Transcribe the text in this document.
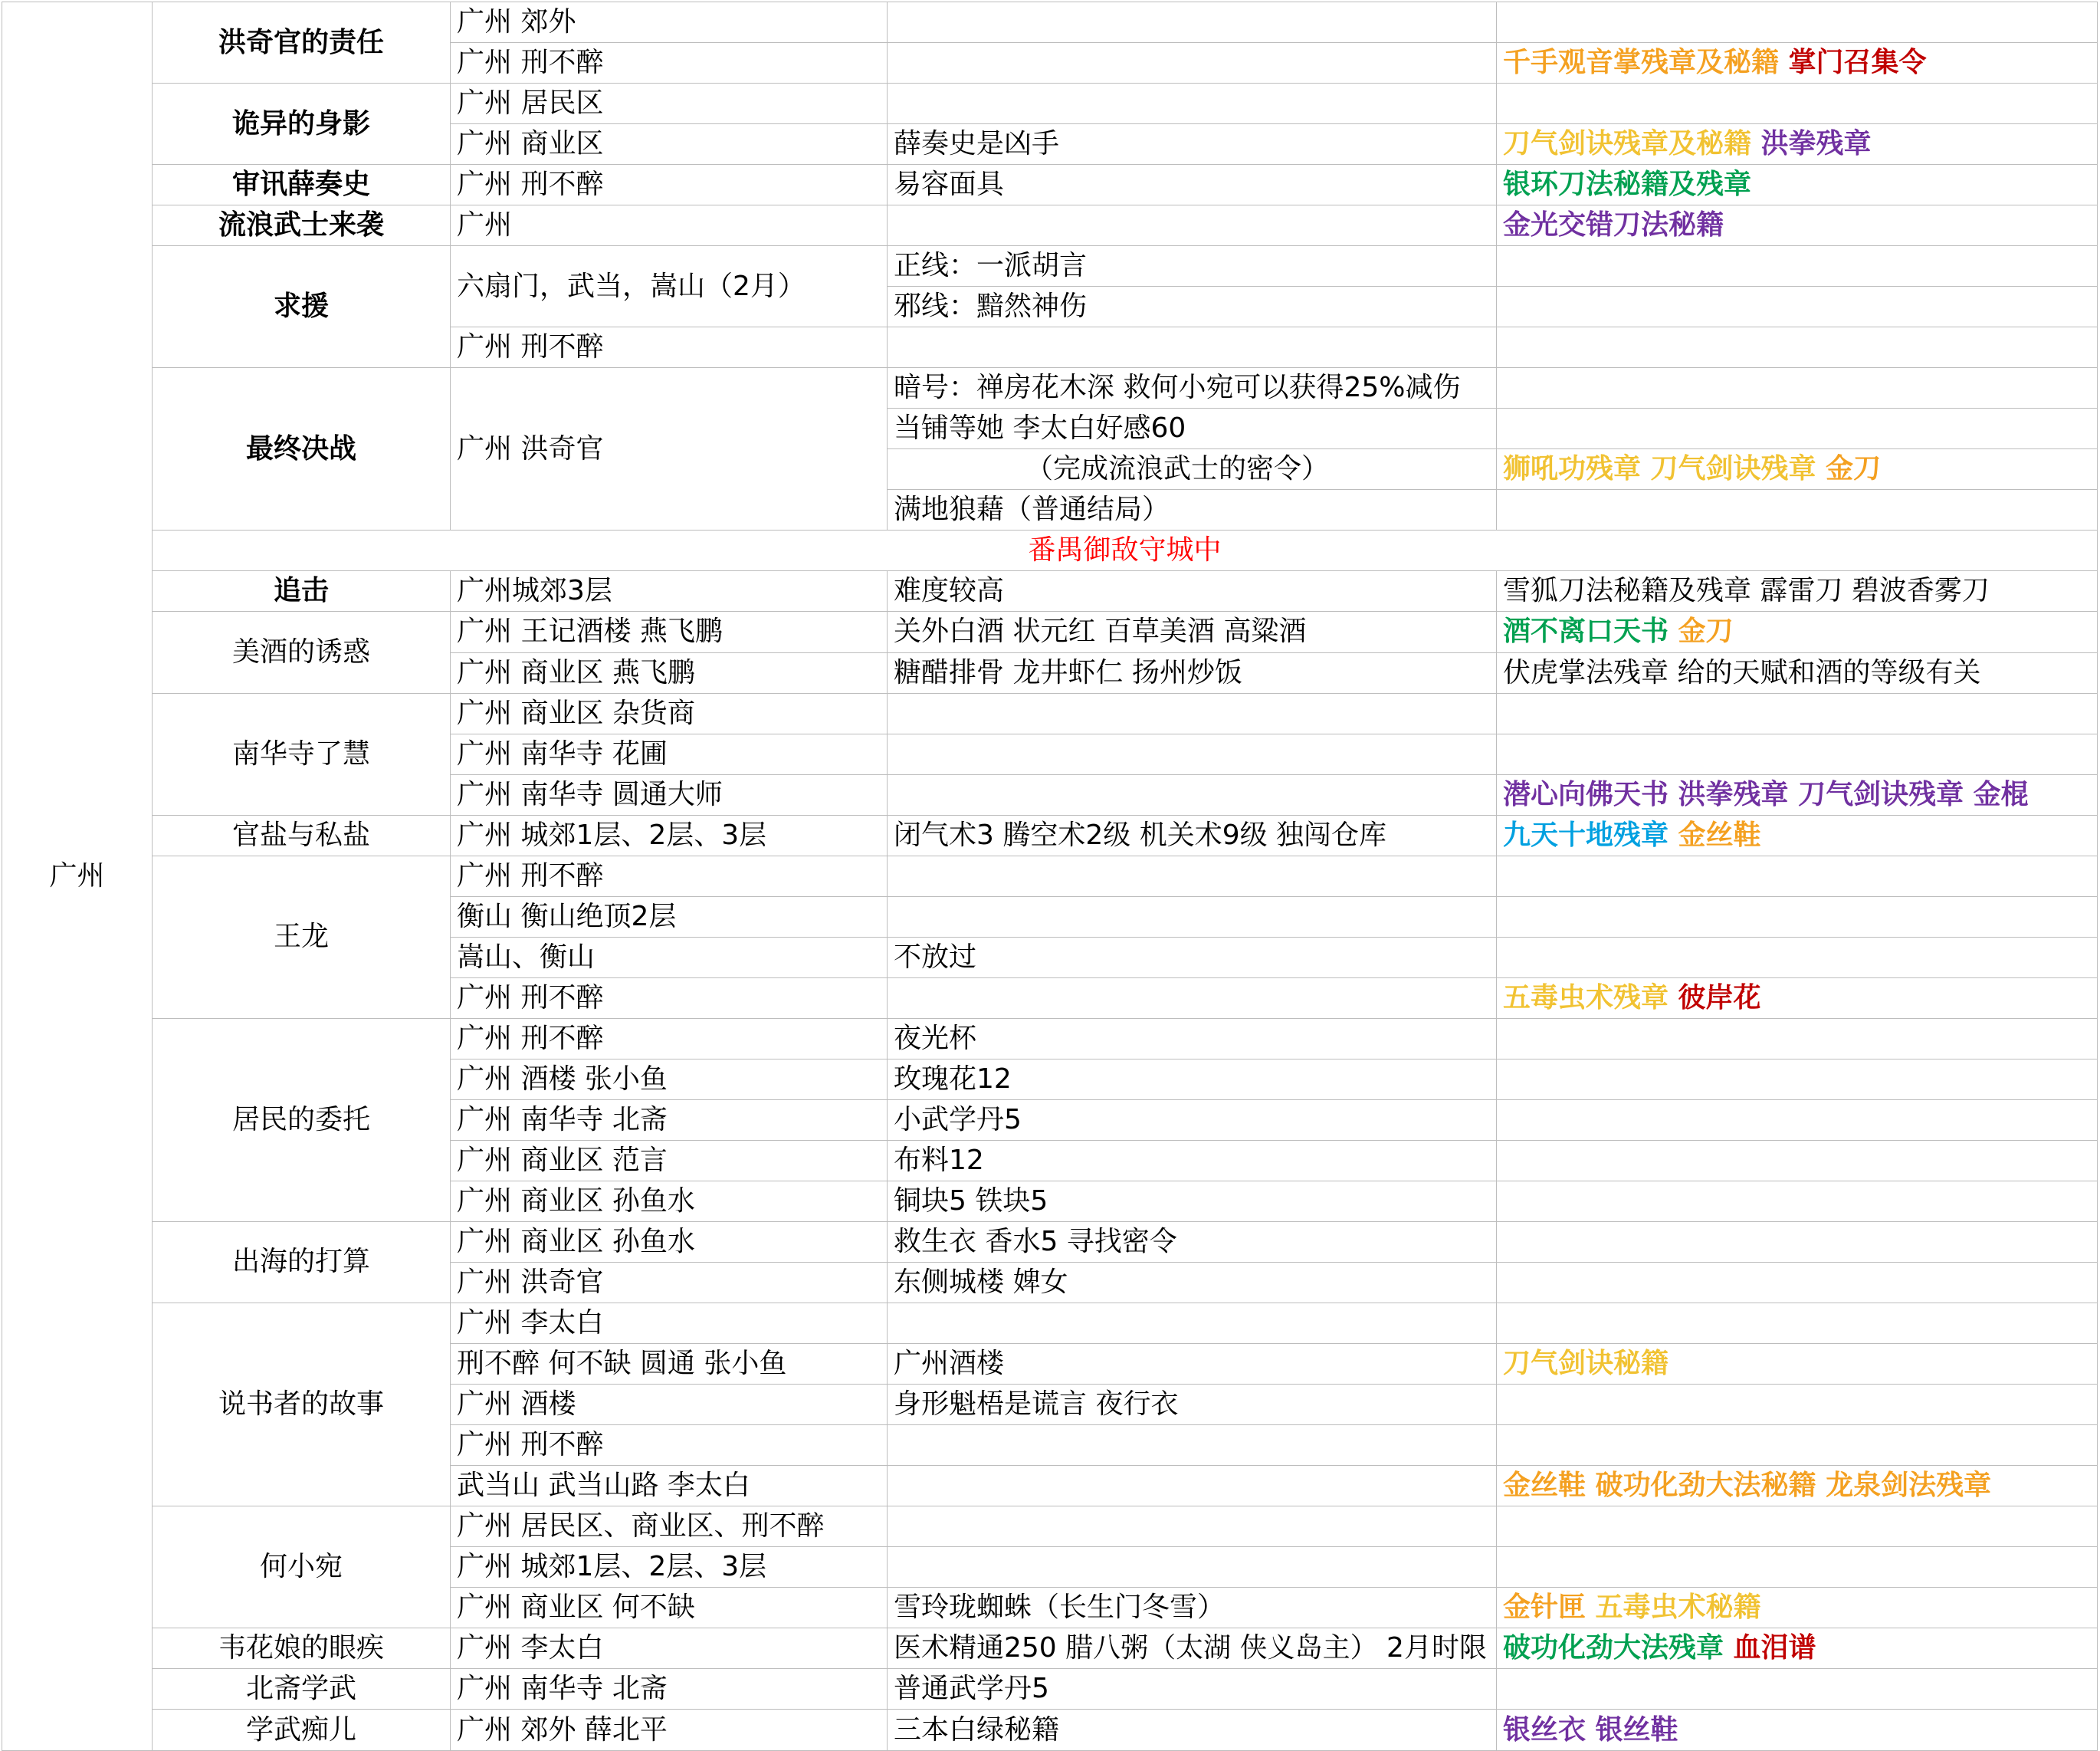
广州	洪奇官的责任	广州 郊外		
		广州 刑不醉		千手观音掌残章及秘籍 掌门召集令
	诡异的身影	广州 居民区		
		广州 商业区	薛奏史是凶手	刀气剑诀残章及秘籍 洪拳残章
	审讯薛奏史	广州 刑不醉	易容面具	银环刀法秘籍及残章
	流浪武士来袭	广州		金光交错刀法秘籍
	求援	六扇门，武当，嵩山（2月）	正线：一派胡言	
			邪线：黯然神伤	
		广州 刑不醉		
	最终决战	广州 洪奇官	暗号：禅房花木深 救何小宛可以获得25%减伤	
			当铺等她 李太白好感60	
			（完成流浪武士的密令）	狮吼功残章 刀气剑诀残章 金刀
			满地狼藉（普通结局）	
	番禺御敌守城中			
	追击	广州城郊3层	难度较高	雪狐刀法秘籍及残章 霹雷刀 碧波香雾刀
	美酒的诱惑	广州 王记酒楼 燕飞鹏	关外白酒 状元红 百草美酒 高粱酒	酒不离口天书 金刀
		广州 商业区 燕飞鹏	糖醋排骨 龙井虾仁 扬州炒饭	伏虎掌法残章 给的天赋和酒的等级有关
	南华寺了慧	广州 商业区 杂货商		
		广州 南华寺 花圃		
		广州 南华寺 圆通大师		潜心向佛天书 洪拳残章 刀气剑诀残章 金棍
	官盐与私盐	广州 城郊1层、2层、3层	闭气术3 腾空术2级 机关术9级 独闯仓库	九天十地残章 金丝鞋
	王龙	广州 刑不醉		
		衡山 衡山绝顶2层		
		嵩山、衡山	不放过	
		广州 刑不醉		五毒虫术残章 彼岸花
	居民的委托	广州 刑不醉	夜光杯	
		广州 酒楼 张小鱼	玫瑰花12	
		广州 南华寺 北斋	小武学丹5	
		广州 商业区 范言	布料12	
		广州 商业区 孙鱼水	铜块5 铁块5	
	出海的打算	广州 商业区 孙鱼水	救生衣 香水5 寻找密令	
		广州 洪奇官	东侧城楼 婢女	
	说书者的故事	广州 李太白		
		刑不醉 何不缺 圆通 张小鱼	广州酒楼	刀气剑诀秘籍
		广州 酒楼	身形魁梧是谎言 夜行衣	
		广州 刑不醉		
		武当山 武当山路 李太白		金丝鞋 破功化劲大法秘籍 龙泉剑法残章
	何小宛	广州 居民区、商业区、刑不醉		
		广州 城郊1层、2层、3层		
		广州 商业区 何不缺	雪玲珑蜘蛛（长生门冬雪）	金针匣 五毒虫术秘籍
	韦花娘的眼疾	广州 李太白	医术精通250 腊八粥（太湖 侠义岛主） 2月时限	破功化劲大法残章 血泪谱
	北斋学武	广州 南华寺 北斋	普通武学丹5	
	学武痴儿	广州 郊外 薛北平	三本白绿秘籍	银丝衣 银丝鞋
